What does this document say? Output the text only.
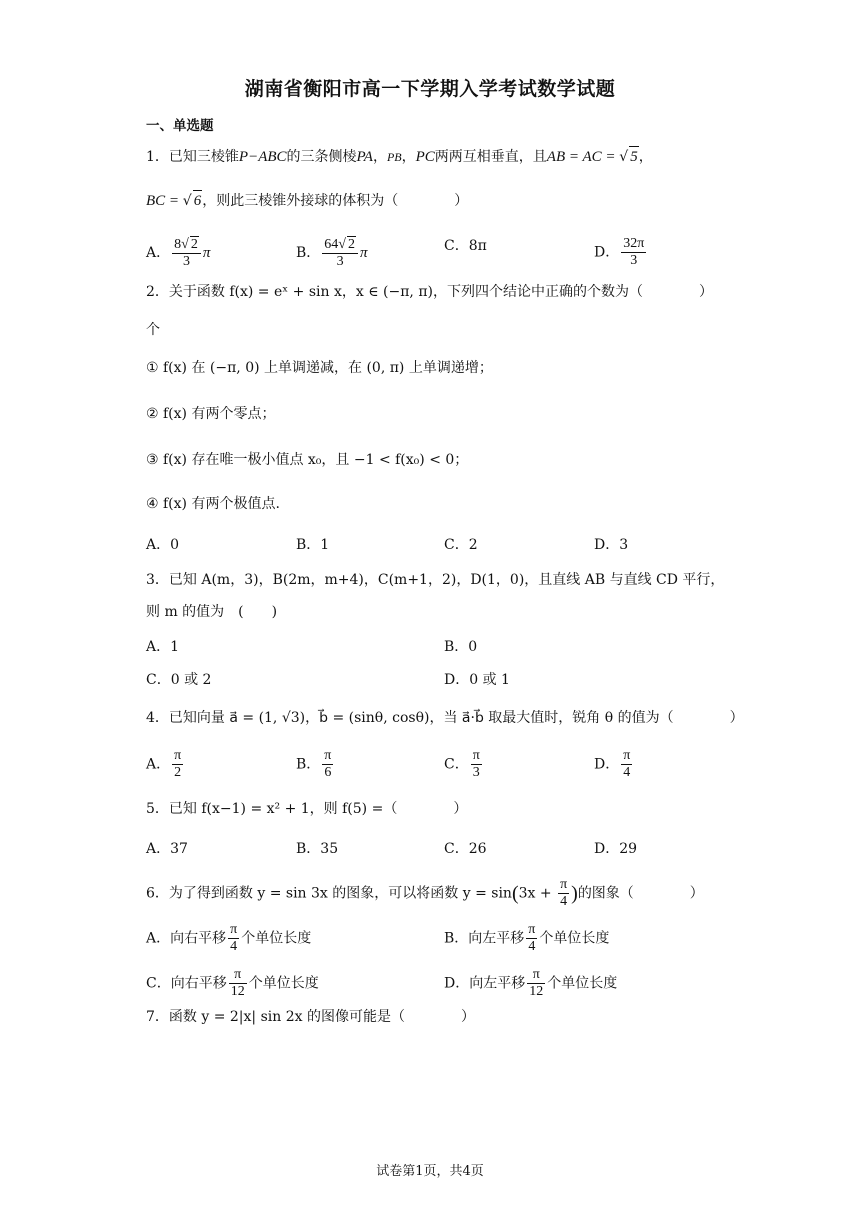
湖南省衡阳市高一下学期入学考试数学试题
一、单选题
1．已知三棱锥P−ABC的三条侧棱PA，PB，PC两两互相垂直，且AB = AC = √ 5，
BC = √ 6，则此三棱锥外接球的体积为（　　　　）
A． $\frac{8√ 2}{3}$ π	B． $\frac{64√ 2}{3}$ π	C．8π	D． $\frac{32\pi}{3}$
2．关于函数 f(x) = eˣ + sin x，x ∈ (−π, π)，下列四个结论中正确的个数为（　　　　）
个
① f(x) 在 (−π, 0) 上单调递减，在 (0, π) 上单调递增；
② f(x) 有两个零点；
③ f(x) 存在唯一极小值点 x₀，且 −1 < f(x₀) < 0；
④ f(x) 有两个极值点.
A．0	B．1	C．2	D．3
3．已知 A(m，3)，B(2m，m+4)，C(m+1，2)，D(1，0)，且直线 AB 与直线 CD 平行，
则 m 的值为　(　　)
A．1	B．0
C．0 或 2	D．0 或 1
4．已知向量 a⃗ = (1, √3)，b⃗ = (sinθ, cosθ)，当 a⃗·b⃗ 取最大值时，锐角 θ 的值为（　　　　）
A． $\frac{\pi}{2}$	B． $\frac{\pi}{6}$	C． $\frac{\pi}{3}$	D． $\frac{\pi}{4}$
5．已知 f(x−1) = x² + 1，则 f(5) =（　　　　）
A．37	B．35	C．26	D．29
6．为了得到函数 y = sin 3x 的图象，可以将函数 $y = \sin(3x + \frac{\pi}{4}$ )的图象（　　　　）
A．向右平移 $\frac{\pi}{4}$ 个单位长度	B．向左平移 $\frac{\pi}{4}$ 个单位长度
C．向右平移 $\frac{\pi}{12}$ 个单位长度	D．向左平移 $\frac{\pi}{12}$ 个单位长度
7．函数 y = 2|x| sin 2x 的图像可能是（　　　　）
试卷第1页，共4页
